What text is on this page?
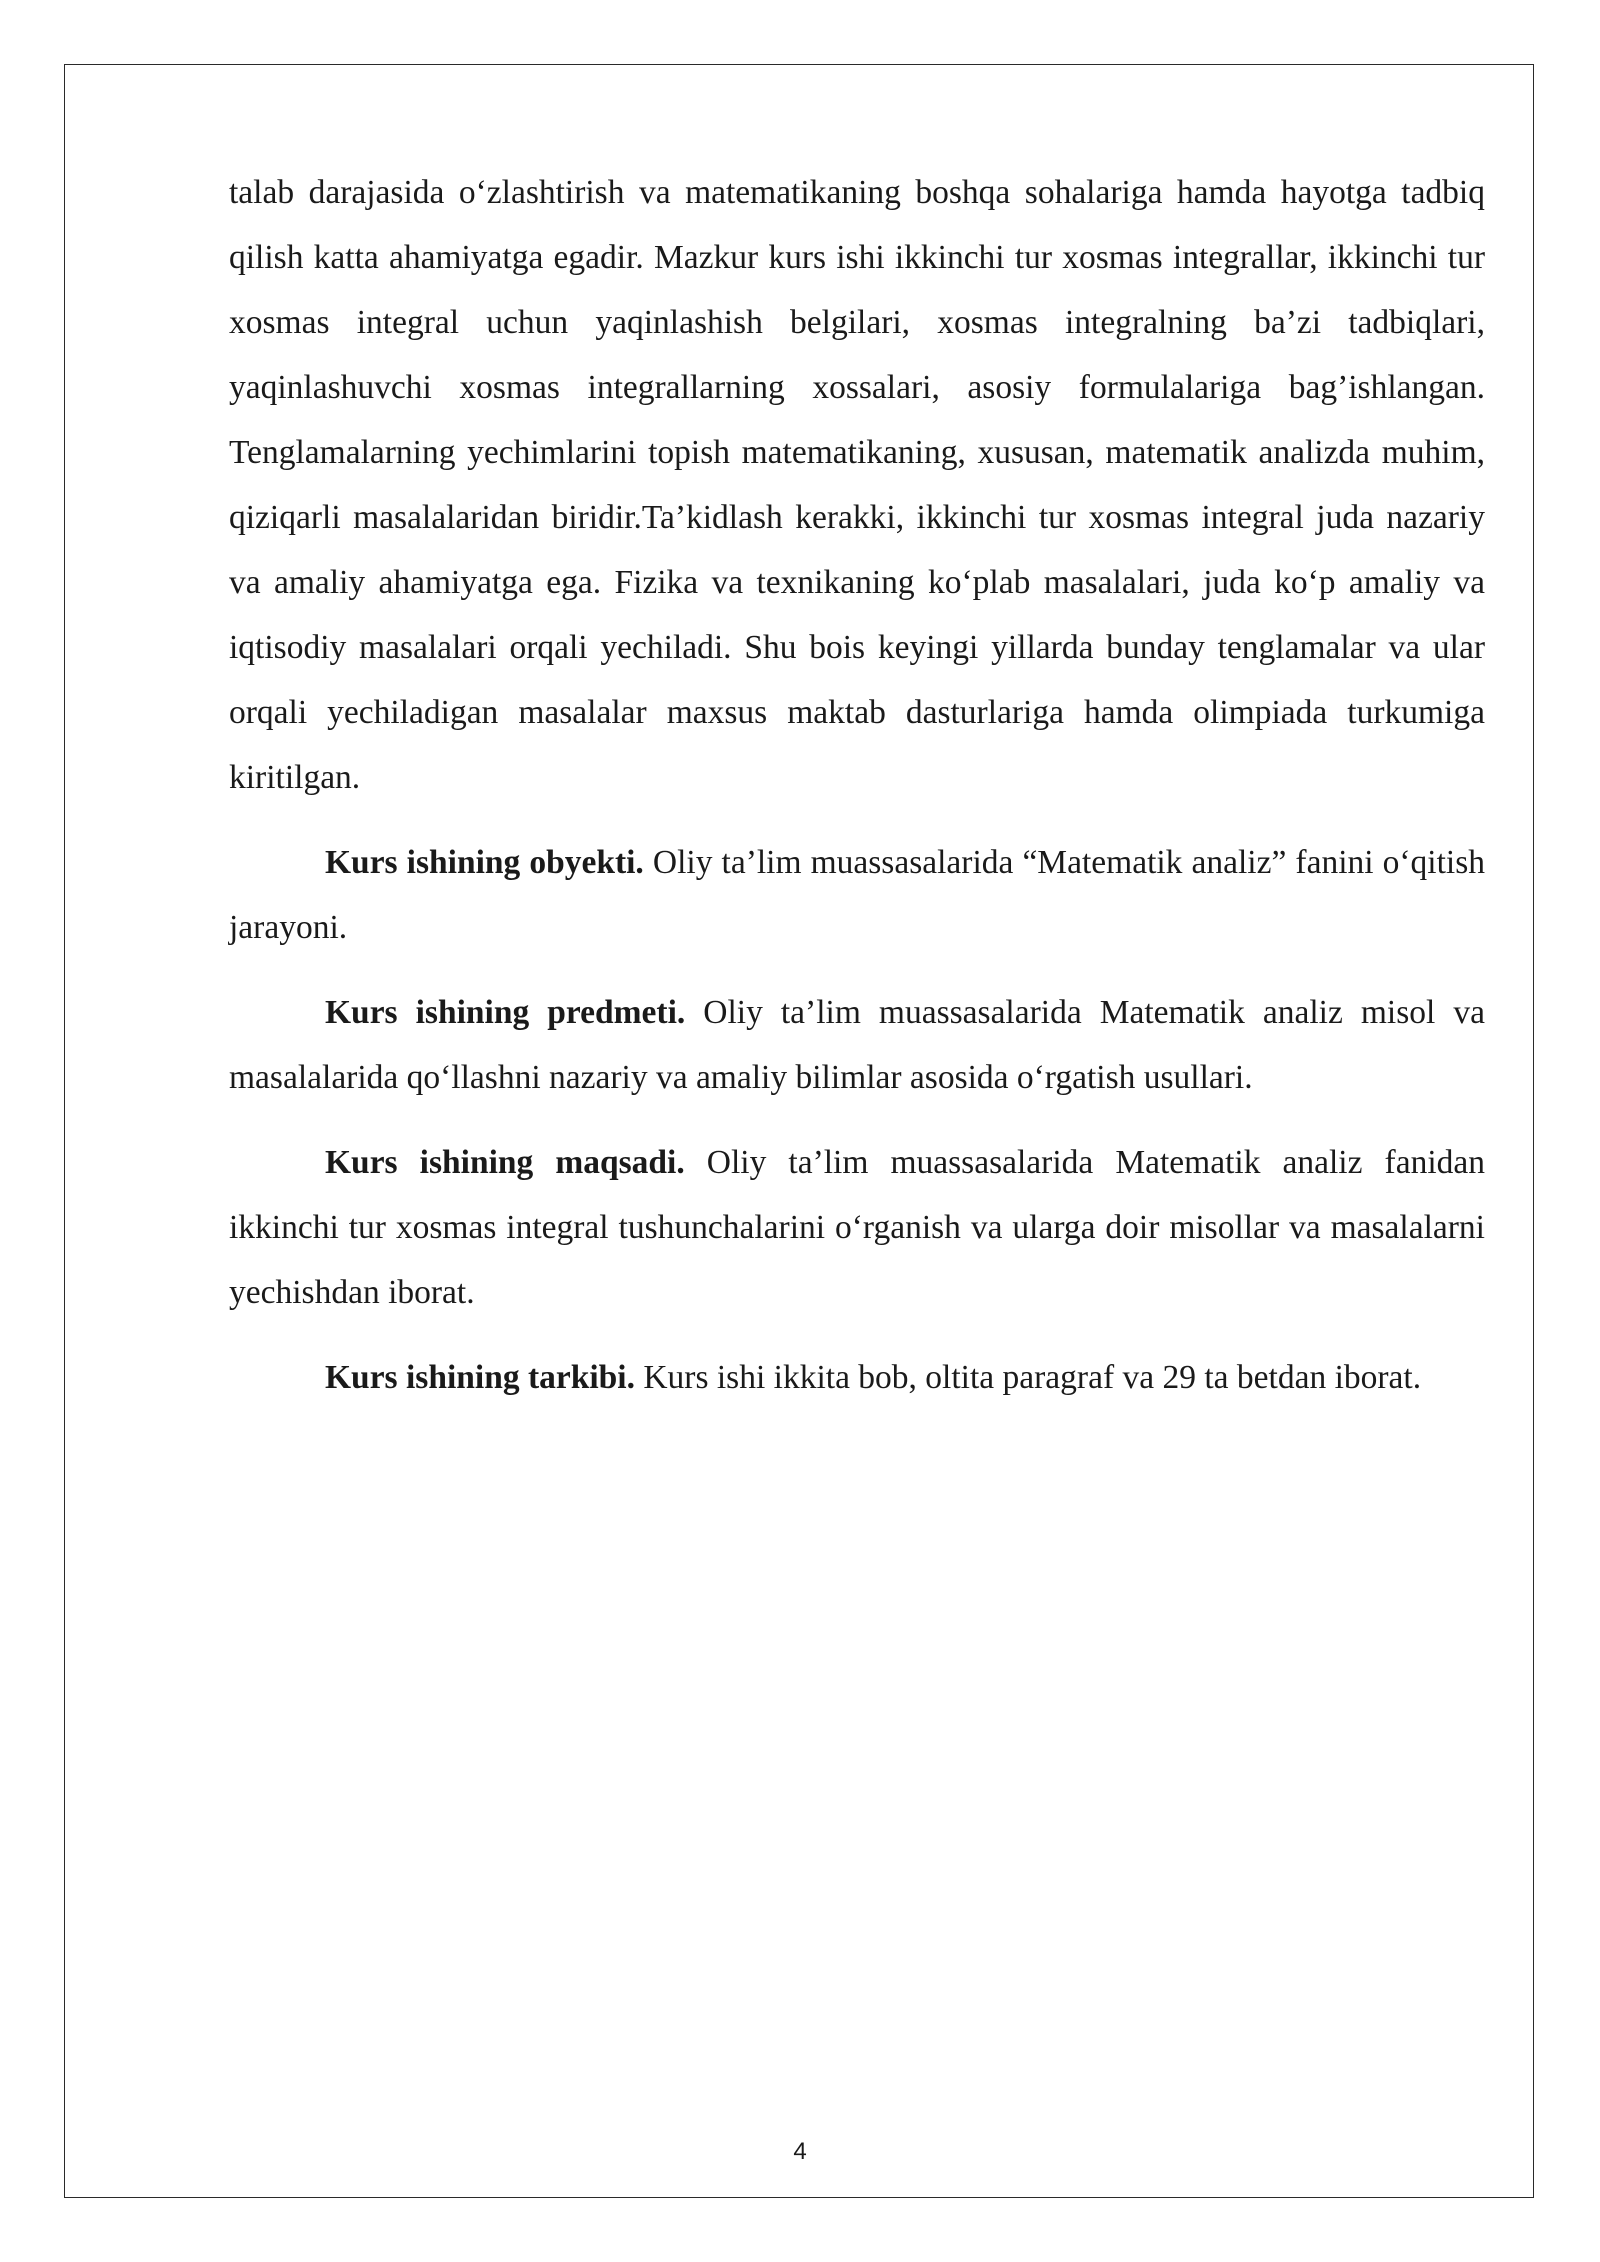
talab darajasida o‘zlashtirish va matematikaning boshqa sohalariga hamda hayotga tadbiq qilish katta ahamiyatga egadir. Mazkur kurs ishi ikkinchi tur xosmas integrallar, ikkinchi tur xosmas integral uchun yaqinlashish belgilari, xosmas integralning ba’zi tadbiqlari, yaqinlashuvchi xosmas integrallarning xossalari, asosiy formulalariga bag’ishlangan. Tenglamalarning yechimlarini topish matematikaning, xususan, matematik analizda muhim, qiziqarli masalalaridan biridir.Ta’kidlash kerakki, ikkinchi tur xosmas integral juda nazariy va amaliy ahamiyatga ega. Fizika va texnikaning ko‘plab masalalari, juda ko‘p amaliy va iqtisodiy masalalari orqali yechiladi. Shu bois keyingi yillarda bunday tenglamalar va ular orqali yechiladigan masalalar maxsus maktab dasturlariga hamda olimpiada turkumiga kiritilgan.

Kurs ishining obyekti. Oliy ta’lim muassasalarida “Matematik analiz” fanini o‘qitish jarayoni.

Kurs ishining predmeti. Oliy ta’lim muassasalarida Matematik analiz misol va masalalarida qo‘llashni nazariy va amaliy bilimlar asosida o‘rgatish usullari.

Kurs ishining maqsadi. Oliy ta’lim muassasalarida Matematik analiz fanidan ikkinchi tur xosmas integral tushunchalarini o‘rganish va ularga doir misollar va masalalarni yechishdan iborat.

Kurs ishining tarkibi. Kurs ishi ikkita bob, oltita paragraf va 29 ta betdan iborat.

4
